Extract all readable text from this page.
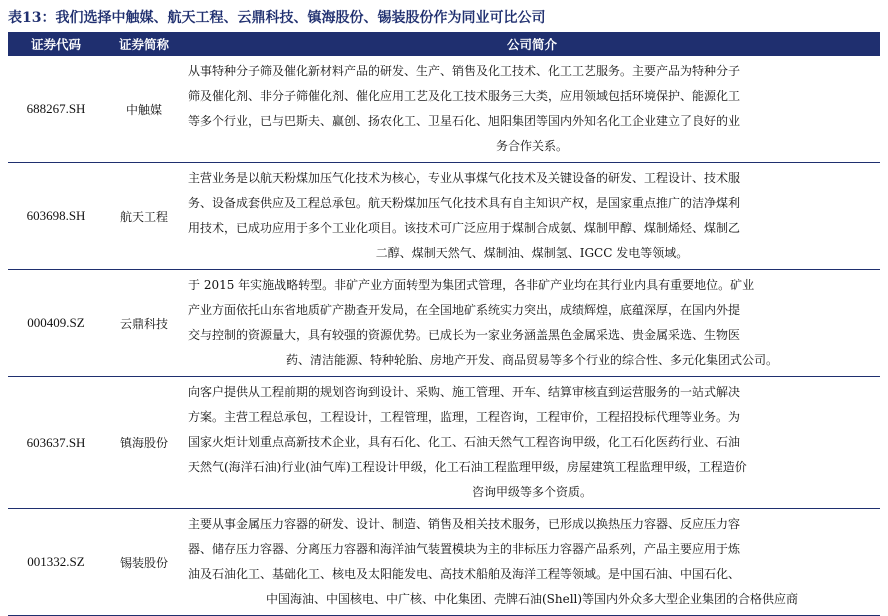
表13：我们选择中触媒、航天工程、云鼎科技、镇海股份、锡装股份作为同业可比公司
证券代码	证券简称	公司简介
688267.SH	中触媒	从事特种分子筛及催化新材料产品的研发、生产、销售及化工技术、化工工艺服务。主要产品为特种分子
筛及催化剂、非分子筛催化剂、催化应用工艺及化工技术服务三大类，应用领域包括环境保护、能源化工
等多个行业，已与巴斯夫、赢创、扬农化工、卫星石化、旭阳集团等国内外知名化工企业建立了良好的业
务合作关系。

603698.SH	航天工程	主营业务是以航天粉煤加压气化技术为核心，专业从事煤气化技术及关键设备的研发、工程设计、技术服
务、设备成套供应及工程总承包。航天粉煤加压气化技术具有自主知识产权，是国家重点推广的洁净煤利
用技术，已成功应用于多个工业化项目。该技术可广泛应用于煤制合成氨、煤制甲醇、煤制烯烃、煤制乙
二醇、煤制天然气、煤制油、煤制氢、IGCC 发电等领域。

000409.SZ	云鼎科技	于 2015 年实施战略转型。非矿产业方面转型为集团式管理，各非矿产业均在其行业内具有重要地位。矿业
产业方面依托山东省地质矿产勘查开发局，在全国地矿系统实力突出，成绩辉煌，底蕴深厚，在国内外提
交与控制的资源量大，具有较强的资源优势。已成长为一家业务涵盖黑色金属采选、贵金属采选、生物医
药、清洁能源、特种轮胎、房地产开发、商品贸易等多个行业的综合性、多元化集团式公司。

603637.SH	镇海股份	向客户提供从工程前期的规划咨询到设计、采购、施工管理、开车、结算审核直到运营服务的一站式解决
方案。主营工程总承包，工程设计，工程管理，监理，工程咨询，工程审价，工程招投标代理等业务。为
国家火炬计划重点高新技术企业，具有石化、化工、石油天然气工程咨询甲级，化工石化医药行业、石油
天然气(海洋石油)行业(油气库)工程设计甲级，化工石油工程监理甲级，房屋建筑工程监理甲级，工程造价
咨询甲级等多个资质。

001332.SZ	锡装股份	主要从事金属压力容器的研发、设计、制造、销售及相关技术服务，已形成以换热压力容器、反应压力容
器、储存压力容器、分离压力容器和海洋油气装置模块为主的非标压力容器产品系列，产品主要应用于炼
油及石油化工、基础化工、核电及太阳能发电、高技术船舶及海洋工程等领域。是中国石油、中国石化、
中国海油、中国核电、中广核、中化集团、壳牌石油(Shell)等国内外众多大型企业集团的合格供应商
